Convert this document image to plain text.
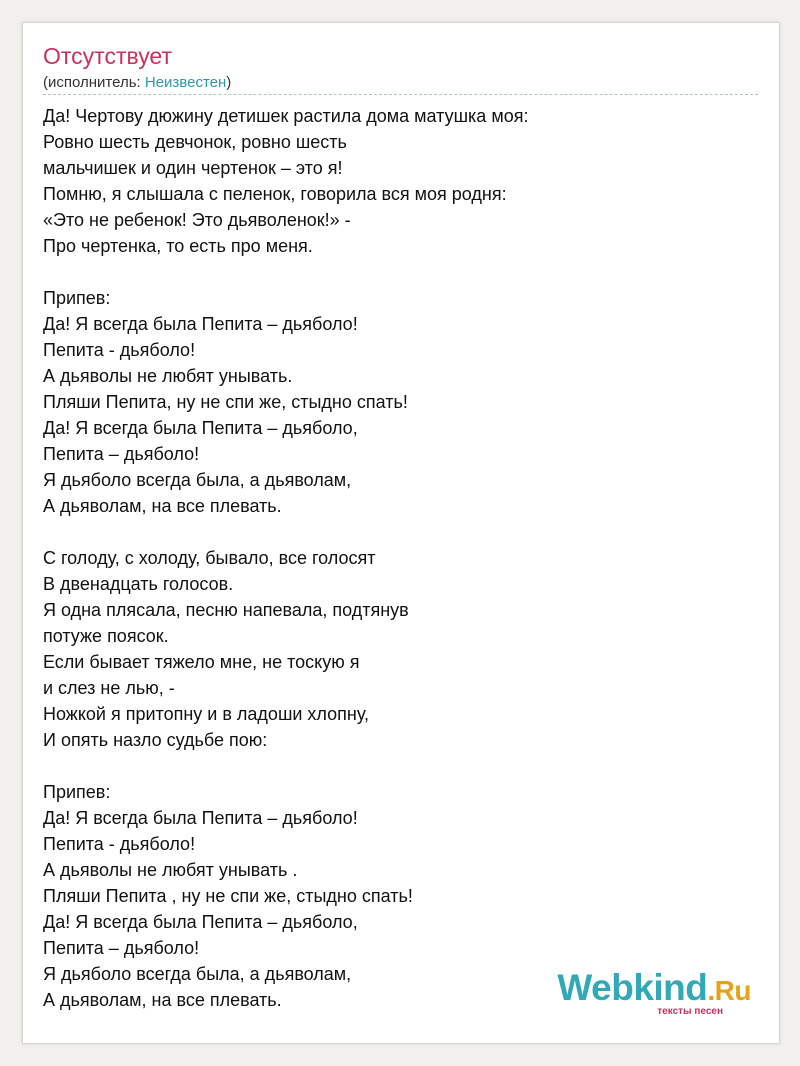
Отсутствует
(исполнитель: Неизвестен)
Да! Чертову дюжину детишек растила дома матушка моя:
Ровно шесть девчонок, ровно шесть
мальчишек и один чертенок – это я!
Помню, я слышала с пеленок, говорила вся моя родня:
«Это не ребенок! Это дьяволенок!» -
Про чертенка, то есть про меня.
Припев:
Да! Я всегда была Пепита – дьяболо!
Пепита - дьяболо!
А дьяволы не любят унывать.
Пляши Пепита, ну не спи же, стыдно спать!
Да! Я всегда была Пепита – дьяболо,
Пепита – дьяболо!
Я дьяболо всегда была, а дьяволам,
А дьяволам, на все плевать.
С голоду, с холоду, бывало, все голосят
В двенадцать голосов.
Я одна плясала, песню напевала, подтянув
потуже поясок.
Если бывает тяжело мне, не тоскую я
и слез не лью, -
Ножкой я притопну и в ладоши хлопну,
И опять назло судьбе пою:
Припев:
Да! Я всегда была Пепита – дьяболо!
Пепита - дьяболо!
А дьяволы не любят унывать .
Пляши Пепита , ну не спи же, стыдно спать!
Да! Я всегда была Пепита – дьяболо,
Пепита – дьяболо!
Я дьяболо всегда была, а дьяволам,
А дьяволам, на все плевать.	Webkind.Ru
тексты песен
